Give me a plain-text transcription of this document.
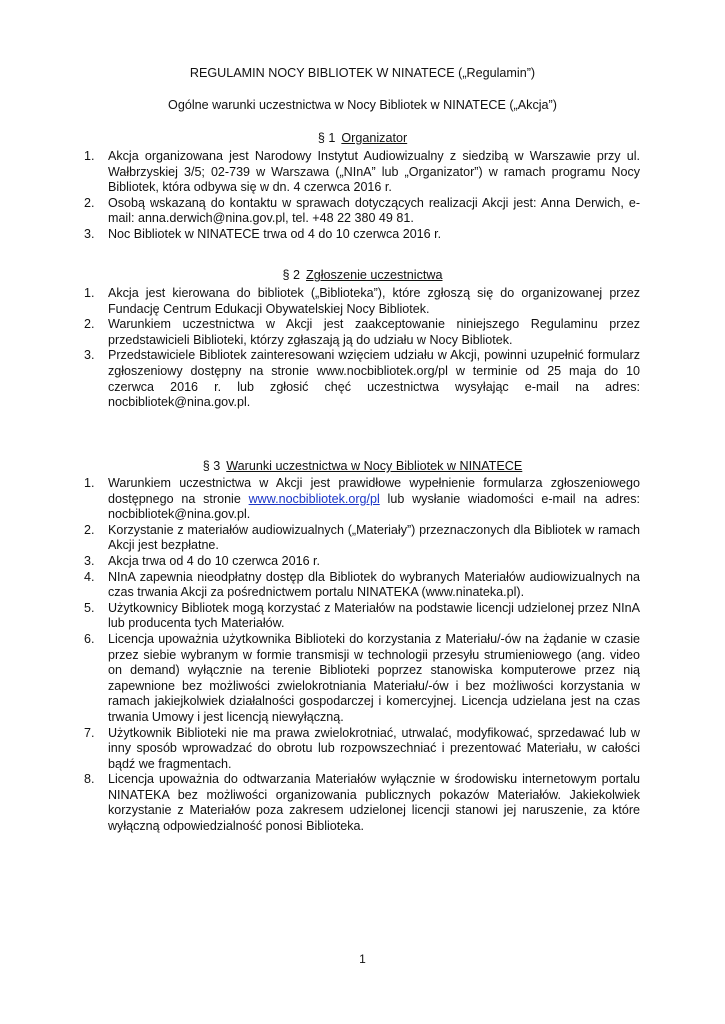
REGULAMIN NOCY BIBLIOTEK W NINATECE („Regulamin”)
Ogólne warunki uczestnictwa w Nocy Bibliotek w NINATECE („Akcja”)
§ 1 Organizator
1. Akcja organizowana jest Narodowy Instytut Audiowizualny z siedzibą w Warszawie przy ul. Wałbrzyskiej 3/5; 02-739 w Warszawa („NInA” lub „Organizator”) w ramach programu Nocy Bibliotek, która odbywa się w dn. 4 czerwca 2016 r.
2. Osobą wskazaną do kontaktu w sprawach dotyczących realizacji Akcji jest: Anna Derwich, e-mail: anna.derwich@nina.gov.pl, tel. +48 22 380 49 81.
3. Noc Bibliotek w NINATECE trwa od 4 do 10 czerwca 2016 r.
§ 2 Zgłoszenie uczestnictwa
1. Akcja jest kierowana do bibliotek („Biblioteka”), które zgłoszą się do organizowanej przez Fundację Centrum Edukacji Obywatelskiej Nocy Bibliotek.
2. Warunkiem uczestnictwa w Akcji jest zaakceptowanie niniejszego Regulaminu przez przedstawicieli Biblioteki, którzy zgłaszają ją do udziału w Nocy Bibliotek.
3. Przedstawiciele Bibliotek zainteresowani wzięciem udziału w Akcji, powinni uzupełnić formularz zgłoszeniowy dostępny na stronie www.nocbibliotek.org/pl w terminie od 25 maja do 10 czerwca 2016 r. lub zgłosić chęć uczestnictwa wysyłając e-mail na adres: nocbibliotek@nina.gov.pl.
§ 3 Warunki uczestnictwa w Nocy Bibliotek w NINATECE
1. Warunkiem uczestnictwa w Akcji jest prawidłowe wypełnienie formularza zgłoszeniowego dostępnego na stronie www.nocbibliotek.org/pl lub wysłanie wiadomości e-mail na adres: nocbibliotek@nina.gov.pl.
2. Korzystanie z materiałów audiowizualnych („Materiały”) przeznaczonych dla Bibliotek w ramach Akcji jest bezpłatne.
3. Akcja trwa od 4 do 10 czerwca 2016 r.
4. NInA zapewnia nieodpłatny dostęp dla Bibliotek do wybranych Materiałów audiowizualnych na czas trwania Akcji za pośrednictwem portalu NINATEKA (www.ninateka.pl).
5. Użytkownicy Bibliotek mogą korzystać z Materiałów na podstawie licencji udzielonej przez NInA lub producenta tych Materiałów.
6. Licencja upoważnia użytkownika Biblioteki do korzystania z Materiału/-ów na żądanie w czasie przez siebie wybranym w formie transmisji w technologii przesyłu strumieniowego (ang. video on demand) wyłącznie na terenie Biblioteki poprzez stanowiska komputerowe przez nią zapewnione bez możliwości zwielokrotniania Materiału/-ów i bez możliwości korzystania w ramach jakiejkolwiek działalności gospodarczej i komercyjnej. Licencja udzielana jest na czas trwania Umowy i jest licencją niewyłączną.
7. Użytkownik Biblioteki nie ma prawa zwielokrotniać, utrwalać, modyfikować, sprzedawać lub w inny sposób wprowadzać do obrotu lub rozpowszechniać i prezentować Materiału, w całości bądź we fragmentach.
8. Licencja upoważnia do odtwarzania Materiałów wyłącznie w środowisku internetowym portalu NINATEKA bez możliwości organizowania publicznych pokazów Materiałów. Jakiekolwiek korzystanie z Materiałów poza zakresem udzielonej licencji stanowi jej naruszenie, za które wyłączną odpowiedzialność ponosi Biblioteka.
1
